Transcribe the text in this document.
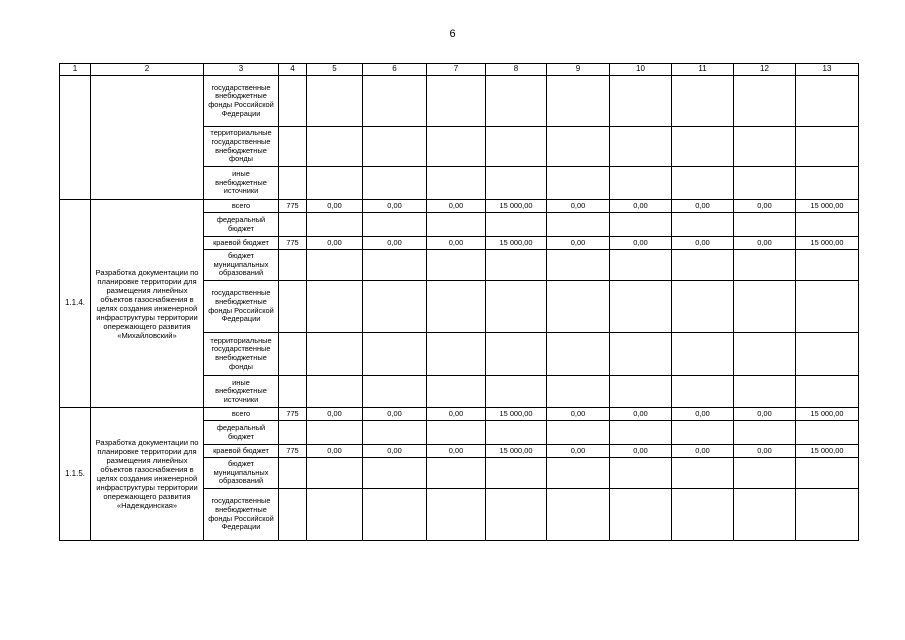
6
1	2	3	4	5	6	7	8	9	10	11	12	13
		государственные внебюджетные фонды Российской Федерации										
		территориальные государственные внебюджетные фонды										
		иные внебюджетные источники										
1.1.4.	Разработка документации по планировке территории для размещения линейных объектов газоснабжения в целях создания инженерной инфраструктуры территории опережающего развития «Михайловский»	всего	775	0,00	0,00	0,00	15 000,00	0,00	0,00	0,00	0,00	15 000,00
		федеральный бюджет										
		краевой бюджет	775	0,00	0,00	0,00	15 000,00	0,00	0,00	0,00	0,00	15 000,00
		бюджет муниципальных образований										
		государственные внебюджетные фонды Российской Федерации										
		территориальные государственные внебюджетные фонды										
		иные внебюджетные источники										
1.1.5.	Разработка документации по планировке территории для размещения линейных объектов газоснабжения в целях создания инженерной инфраструктуры территории опережающего развития «Надеждинская»	всего	775	0,00	0,00	0,00	15 000,00	0,00	0,00	0,00	0,00	15 000,00
		федеральный бюджет										
		краевой бюджет	775	0,00	0,00	0,00	15 000,00	0,00	0,00	0,00	0,00	15 000,00
		бюджет муниципальных образований										
		государственные внебюджетные фонды Российской Федерации										
